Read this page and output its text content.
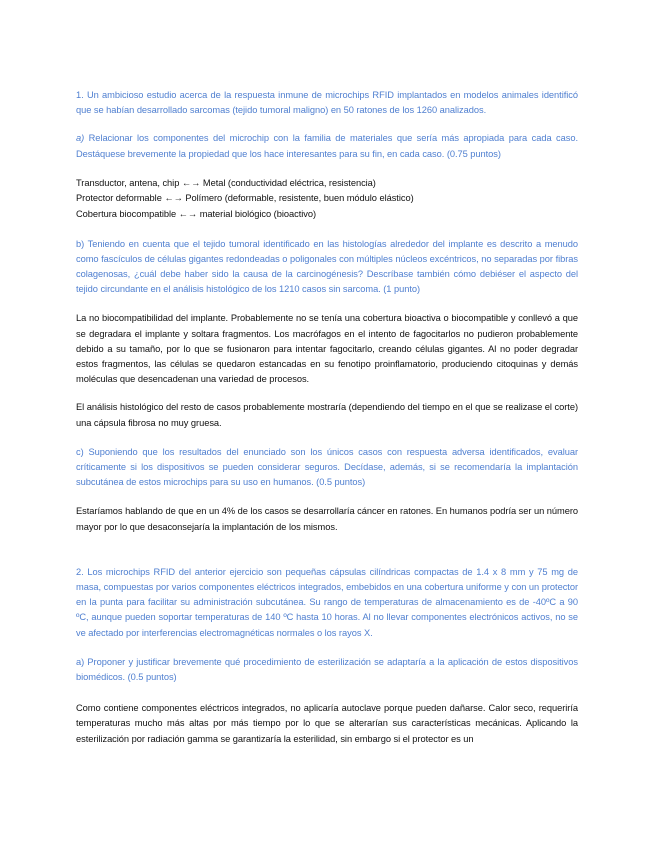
1. Un ambicioso estudio acerca de la respuesta inmune de microchips RFID implantados en modelos animales identificó que se habían desarrollado sarcomas (tejido tumoral maligno) en 50 ratones de los 1260 analizados.

a) Relacionar los componentes del microchip con la familia de materiales que sería más apropiada para cada caso. Destáquese brevemente la propiedad que los hace interesantes para su fin, en cada caso. (0.75 puntos)

Transductor, antena, chip ←→ Metal (conductividad eléctrica, resistencia)

Protector deformable ←→ Polímero (deformable, resistente, buen módulo elástico)

Cobertura biocompatible ←→ material biológico (bioactivo)

b) Teniendo en cuenta que el tejido tumoral identificado en las histologías alrededor del implante es descrito a menudo como fascículos de células gigantes redondeadas o poligonales con múltiples núcleos excéntricos, no separadas por fibras colagenosas, ¿cuál debe haber sido la causa de la carcinogénesis? Descríbase también cómo debiéser el aspecto del tejido circundante en el análisis histológico de los 1210 casos sin sarcoma. (1 punto)

La no biocompatibilidad del implante. Probablemente no se tenía una cobertura bioactiva o biocompatible y conllevó a que se degradara el implante y soltara fragmentos. Los macrófagos en el intento de fagocitarlos no pudieron probablemente debido a su tamaño, por lo que se fusionaron para intentar fagocitarlo, creando células gigantes. Al no poder degradar estos fragmentos, las células se quedaron estancadas en su fenotipo proinflamatorio, produciendo citoquinas y demás moléculas que desencadenan una variedad de procesos.

El análisis histológico del resto de casos probablemente mostraría (dependiendo del tiempo en el que se realizase el corte) una cápsula fibrosa no muy gruesa.

c) Suponiendo que los resultados del enunciado son los únicos casos con respuesta adversa identificados, evaluar críticamente si los dispositivos se pueden considerar seguros. Decídase, además, si se recomendaría la implantación subcutánea de estos microchips para su uso en humanos. (0.5 puntos)

Estaríamos hablando de que en un 4% de los casos se desarrollaría cáncer en ratones. En humanos podría ser un número mayor por lo que desaconsejaría la implantación de los mismos.

2. Los microchips RFID del anterior ejercicio son pequeñas cápsulas cilíndricas compactas de 1.4 x 8 mm y 75 mg de masa, compuestas por varios componentes eléctricos integrados, embebidos en una cobertura uniforme y con un protector en la punta para facilitar su administración subcutánea. Su rango de temperaturas de almacenamiento es de -40ºC a 90 ºC, aunque pueden soportar temperaturas de 140 ºC hasta 10 horas. Al no llevar componentes electrónicos activos, no se ve afectado por interferencias electromagnéticas normales o los rayos X.

a) Proponer y justificar brevemente qué procedimiento de esterilización se adaptaría a la aplicación de estos dispositivos biomédicos. (0.5 puntos)

Como contiene componentes eléctricos integrados, no aplicaría autoclave porque pueden dañarse. Calor seco, requeriría temperaturas mucho más altas por más tiempo por lo que se alterarían sus características mecánicas. Aplicando la esterilización por radiación gamma se garantizaría la esterilidad, sin embargo si el protector es un
